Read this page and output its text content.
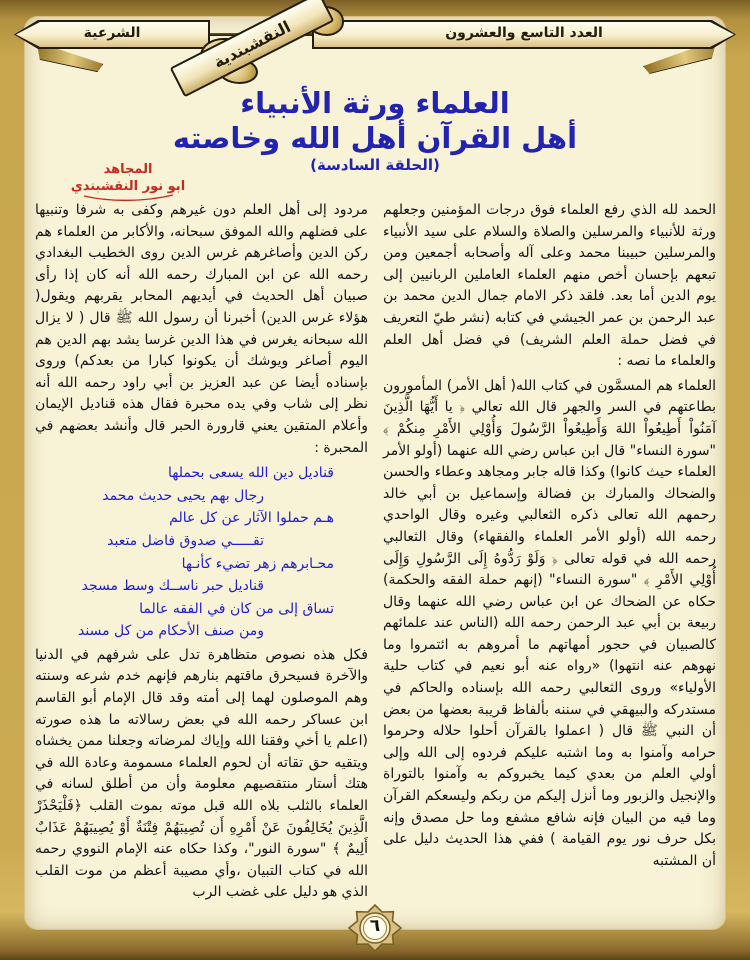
العدد التاسع والعشرون
الشرعية	النقشبندية
العلماء ورثة الأنبياء
أهل القرآن أهل الله وخاصته
(الحلقة السادسة)
المجاهد
ابو نور النقشبندي

الحمد لله الذي رفع العلماء فوق درجات المؤمنين وجعلهم ورثة للأنبياء والمرسلين والصلاة والسلام على سيد الأنبياء والمرسلين حبيبنا محمد وعلى آله وأصحابه أجمعين ومن تبعهم بإحسان أخص منهم العلماء العاملين الربانيين إلى يوم الدين أما بعد. فلقد ذكر الامام جمال الدين محمد بن عبد الرحمن بن عمر الجيشي في كتابه (نشر طيّ التعريف في فضل حملة العلم الشريف) في فضل أهل العلم والعلماء ما نصه :

العلماء هم المسمَّون في كتاب الله( أهل الأمر) المأمورون بطاعتهم في السر والجهر قال الله تعالي ﴿ يا أَيُّهَا الَّذِينَ آمَنُواْ أَطِيعُواْ اللهَ وَأَطِيعُواْ الرَّسُولَ وَأُوْلِي الأَمْرِ مِنكُمْ ﴾ "سورة النساء" قال ابن عباس رضي الله عنهما (أولو الأمر العلماء حيث كانوا) وكذا قاله جابر ومجاهد وعطاء والحسن والضحاك والمبارك بن فضالة وإسماعيل بن أبي خالد رحمهم الله تعالى ذكره الثعالبي وغيره وقال الواحدي رحمه الله (أولو الأمر العلماء والفقهاء) وقال الثعالبي رحمه الله في قوله تعالى ﴿ وَلَوْ رَدُّوهُ إِلَى الرَّسُولِ وَإِلَى أُوْلِي الأَمْرِ ﴾ "سورة النساء" (إنهم حملة الفقه والحكمة) حكاه عن الضحاك عن ابن عباس رضي الله عنهما وقال ربيعة بن أبي عبد الرحمن رحمه الله (الناس عند علمائهم كالصبيان في حجور أمهاتهم ما أمروهم به ائتمروا وما نهوهم عنه انتهوا) «رواه عنه أبو نعيم في كتاب حلية الأولياء» وروى الثعالبي رحمه الله بإسناده والحاكم في مستدركه والبيهقي في سننه بألفاظ قريبة بعضها من بعض أن النبي ﷺ قال ( اعملوا بالقرآن أحلوا حلاله وحرموا حرامه وآمنوا به وما اشتبه عليكم فردوه إلى الله وإلى أولي العلم من بعدي كيما يخبروكم به وآمنوا بالتوراة والإنجيل والزبور وما أنزل إليكم من ربكم وليسعكم القرآن وما فيه من البيان فإنه شافع مشفع وما حل مصدق وإنه بكل حرف نور يوم القيامة ) ففي هذا الحديث دليل على أن المشتبه

مردود إلى أهل العلم دون غيرهم وكفى به شرفا وتنبيها على فضلهم والله الموفق سبحانه، والأكابر من العلماء هم ركن الدين وأصاغرهم غرس الدين روى الخطيب البغدادي رحمه الله عن ابن المبارك رحمه الله أنه كان إذا رأى صبيان أهل الحديث في أيديهم المحابر يقربهم ويقول( هؤلاء غرس الدين) أخبرنا أن رسول الله ﷺ قال ( لا يزال الله سبحانه يغرس في هذا الدين غرسا يشد بهم الدين هم اليوم أصاغر ويوشك أن يكونوا كبارا من بعدكم) وروى بإسناده أيضا عن عبد العزيز بن أبي راود رحمه الله أنه نظر إلى شاب وفي يده محبرة فقال هذه قناديل الإيمان وأعلام المتقين يعني قارورة الحبر قال وأنشد بعضهم في المحبرة :

قناديل دين الله يسعى بحملها
رجال بهم يحيى حديث محمد
هـم حملوا الآثار عن كل عالم
تقـــــي صدوق فاضل متعبد
محـابرهم زهر تضيء كأنـها
قناديل حبر ناســك وسط مسجد
تساق إلى من كان في الفقه عالما
ومن صنف الأحكام من كل مسند

فكل هذه نصوص متظاهرة تدل على شرفهم في الدنيا والآخرة فسيحرق ماقتهم بنارهم فإنهم خدم شرعه وسنته وهم الموصلون لهما إلى أمته وقد قال الإمام أبو القاسم ابن عساكر رحمه الله في بعض رسالاته ما هذه صورته (اعلم يا أخي وفقنا الله وإياك لمرضاته وجعلنا ممن يخشاه ويتقيه حق تقاته أن لحوم العلماء مسمومة وعادة الله في هتك أستار منتقصيهم معلومة وأن من أطلق لسانه في العلماء بالثلب بلاه الله قبل موته بموت القلب ﴿فَلْيَحْذَرْ الَّذِينَ يُخَالِفُونَ عَنْ أَمْرِهِ أَن تُصِيبَهُمْ فِتْنَةٌ أَوْ يُصِيبَهُمْ عَذَابٌ أَلِيمٌ ﴾ "سورة النور"، وكذا حكاه عنه الإمام النووي رحمه الله في كتاب التبيان ،وأي مصيبة أعظم من موت القلب الذي هو دليل على غضب الرب

٦
